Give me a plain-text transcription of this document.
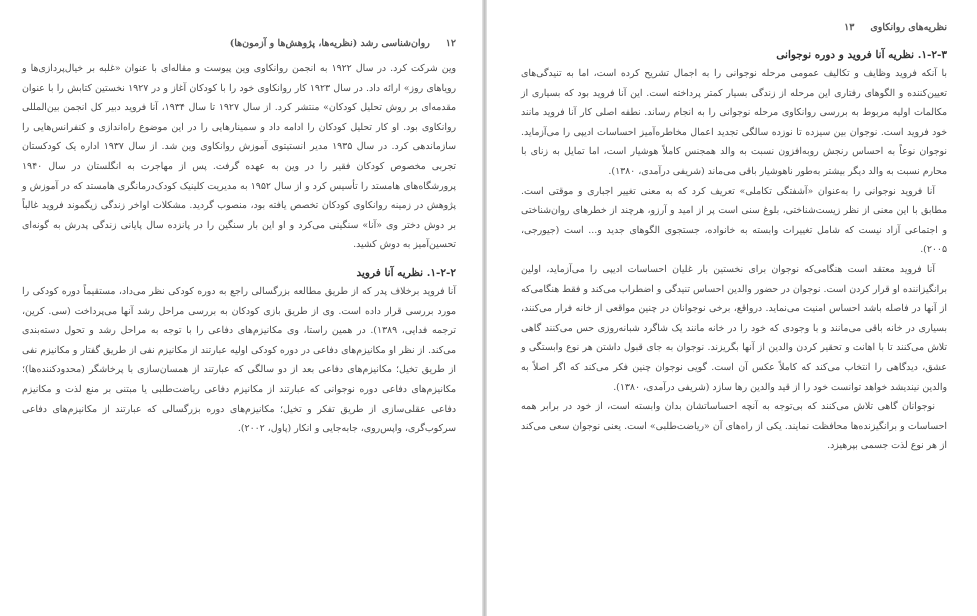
۱۲
روان‌شناسی رشد (نظریه‌ها، پژوهش‌ها و آزمون‌ها)

وین شرکت کرد. در سال ۱۹۲۲ به انجمن روانکاوی وین پیوست و مقاله‌ای با عنوان «غلبه بر خیال‌پردازی‌ها و رویاهای روز» ارائه داد. در سال ۱۹۲۳ کار روانکاوی خود را با کودکان آغاز و در ۱۹۲۷ نخستین کتابش را با عنوان مقدمه‌ای بر روش تحلیل کودکان» منتشر کرد. از سال ۱۹۲۷ تا سال ۱۹۳۴، آنا فروید دبیر کل انجمن بین‌المللی روانکاوی بود. او کار تحلیل کودکان را ادامه داد و سمینارهایی را در این موضوع راه‌اندازی و کنفرانس‌هایی را سازماندهی کرد. در سال ۱۹۳۵ مدیر انستیتوی آموزش روانکاوی وین شد. از سال ۱۹۳۷ اداره یک کودکستان تجربی مخصوص کودکان فقیر را در وین به عهده گرفت. پس از مهاجرت به انگلستان در سال ۱۹۴۰ پرورشگاه‌های هامستد را تأسیس کرد و از سال ۱۹۵۲ به مدیریت کلینیک کودک‌درمانگری هامستد که در آموزش و پژوهش در زمینه روانکاوی کودکان تخصص یافته بود، منصوب گردید. مشکلات اواخر زندگی زیگموند فروید غالباً بر دوش دختر وی «آنا» سنگینی می‌کرد و او این بار سنگین را در پانزده سال پایانی زندگی پدرش به گونه‌ای تحسین‌آمیز به دوش کشید.

۱-۲-۲. نظریه آنا فروید

آنا فروید برخلاف پدر که از طریق مطالعه بزرگسالی راجع به دوره کودکی نظر می‌داد، مستقیماً دوره کودکی را مورد بررسی قرار داده است. وی از طریق بازی کودکان به بررسی مراحل رشد آنها می‌پرداخت (سی. کرین، ترجمه فدایی، ۱۳۸۹). در همین راستا، وی مکانیزم‌های دفاعی را با توجه به مراحل رشد و تحول دسته‌بندی می‌کند. از نظر او مکانیزم‌های دفاعی در دوره کودکی اولیه عبارتند از مکانیزم نفی از طریق گفتار و مکانیزم نفی از طریق تخیل؛ مکانیزم‌های دفاعی بعد از دو سالگی که عبارتند از همسان‌سازی با پرخاشگر (محدودکننده‌ها)؛ مکانیزم‌های دفاعی دوره نوجوانی که عبارتند از مکانیزم دفاعی ریاضت‌طلبی یا مبتنی بر منع لذت و مکانیزم دفاعی عقلی‌سازی از طریق تفکر و تخیل؛ مکانیزم‌های دوره بزرگسالی که عبارتند از مکانیزم‌های دفاعی سرکوب‌گری، واپس‌روی، جابه‌جایی و انکار (پاول، ۲۰۰۲).

نظریه‌های روانکاوی
۱۳
۱-۲-۳. نظریه آنا فروید و دوره نوجوانی

با آنکه فروید وظایف و تکالیف عمومی مرحله نوجوانی را به اجمال تشریح کرده است، اما به تنیدگی‌های تعیین‌کننده و الگوهای رفتاری این مرحله از زندگی بسیار کمتر پرداخته است. این آنا فروید بود که بسیاری از مکالمات اولیه مربوط به بررسی روانکاوی مرحله نوجوانی را به انجام رساند. نطفه اصلی کار آنا فروید مانند خود فروید است. نوجوان بین سیزده تا نوزده سالگی تجدید اعمال مخاطره‌آمیز احساسات ادیپی را می‌آزماید. نوجوان نوعاً به احساس رنجش روبه‌افزون نسبت به والد همجنس کاملاً هوشیار است، اما تمایل به زنای با محارم نسبت به والد دیگر بیشتر به‌طور ناهوشیار باقی می‌ماند (شریفی درآمدی، ۱۳۸۰).

آنا فروید نوجوانی را به‌عنوان «آشفتگی تکاملی» تعریف کرد که به معنی تغییر اجباری و موقتی است. مطابق با این معنی از نظر زیست‌شناختی، بلوغ سنی است پر از امید و آرزو، هرچند از خطرهای روان‌شناختی و اجتماعی آزاد نیست که شامل تغییرات وابسته به خانواده، جستجوی الگوهای جدید و... است (جیورجی، ۲۰۰۵).

آنا فروید معتقد است هنگامی‌که نوجوان برای نخستین بار غلیان احساسات ادیپی را می‌آزماید، اولین برانگیزاننده او قرار کردن است. نوجوان در حضور والدین احساس تنیدگی و اضطراب می‌کند و فقط هنگامی‌که از آنها در فاصله باشد احساس امنیت می‌نماید. درواقع، برخی نوجوانان در چنین مواقعی از خانه فرار می‌کنند، بسیاری در خانه باقی می‌مانند و با وجودی که خود را در خانه مانند یک شاگرد شبانه‌روزی حس می‌کنند گاهی تلاش می‌کنند تا با اهانت و تحقیر کردن والدین از آنها بگریزند. نوجوان به جای قبول داشتن هر نوع وابستگی و عشق، دیدگاهی را انتخاب می‌کند که کاملاً عکس آن است. گویی نوجوان چنین فکر می‌کند که اگر اصلاً به والدین نیندیشد خواهد توانست خود را از قید والدین رها سازد (شریفی درآمدی، ۱۳۸۰).

نوجوانان گاهی تلاش می‌کنند که بی‌توجه به آنچه احساساتشان بدان وابسته است، از خود در برابر همه احساسات و برانگیزنده‌ها محافظت نمایند. یکی از راه‌های آن «ریاضت‌طلبی» است. یعنی نوجوان سعی می‌کند از هر نوع لذت جسمی بپرهیزد.
